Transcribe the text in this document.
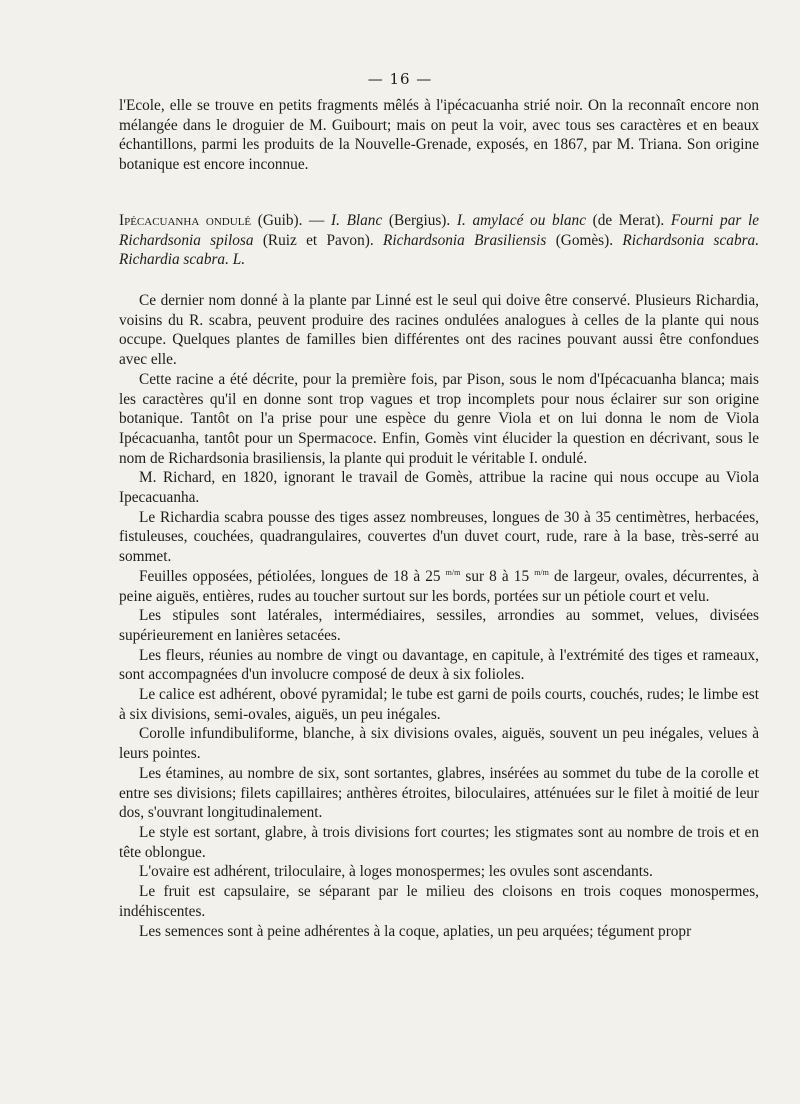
— 16 —

l'Ecole, elle se trouve en petits fragments mêlés à l'ipécacuanha strié noir. On la reconnaît encore non mélangée dans le droguier de M. Guibourt; mais on peut la voir, avec tous ses caractères et en beaux échantillons, parmi les produits de la Nouvelle-Grenade, exposés, en 1867, par M. Triana. Son origine botanique est encore inconnue.

Ipécacuanha ondulé (Guib). — I. Blanc (Bergius). I. amylacé ou blanc (de Merat). Fourni par le Richardsonia spilosa (Ruiz et Pavon). Richardsonia Brasiliensis (Gomès). Richardsonia scabra. Richardia scabra. L.

Ce dernier nom donné à la plante par Linné est le seul qui doive être conservé. Plusieurs Richardia, voisins du R. scabra, peuvent produire des racines ondulées analogues à celles de la plante qui nous occupe. Quelques plantes de familles bien différentes ont des racines pouvant aussi être confondues avec elle.

Cette racine a été décrite, pour la première fois, par Pison, sous le nom d'Ipécacuanha blanca; mais les caractères qu'il en donne sont trop vagues et trop incomplets pour nous éclairer sur son origine botanique. Tantôt on l'a prise pour une espèce du genre Viola et on lui donna le nom de Viola Ipécacuanha, tantôt pour un Spermacoce. Enfin, Gomès vint élucider la question en décrivant, sous le nom de Richardsonia brasiliensis, la plante qui produit le véritable I. ondulé.

M. Richard, en 1820, ignorant le travail de Gomès, attribue la racine qui nous occupe au Viola Ipecacuanha.

Le Richardia scabra pousse des tiges assez nombreuses, longues de 30 à 35 centimètres, herbacées, fistuleuses, couchées, quadrangulaires, couvertes d'un duvet court, rude, rare à la base, très-serré au sommet.

Feuilles opposées, pétiolées, longues de 18 à 25 $^{m/m}$ sur 8 à 15 $^{m/m}$ de largeur, ovales, décurrentes, à peine aiguës, entières, rudes au toucher surtout sur les bords, portées sur un pétiole court et velu.

Les stipules sont latérales, intermédiaires, sessiles, arrondies au sommet, velues, divisées supérieurement en lanières setacées.

Les fleurs, réunies au nombre de vingt ou davantage, en capitule, à l'extrémité des tiges et rameaux, sont accompagnées d'un involucre composé de deux à six folioles.

Le calice est adhérent, obové pyramidal; le tube est garni de poils courts, couchés, rudes; le limbe est à six divisions, semi-ovales, aiguës, un peu inégales.

Corolle infundibuliforme, blanche, à six divisions ovales, aiguës, souvent un peu inégales, velues à leurs pointes.

Les étamines, au nombre de six, sont sortantes, glabres, insérées au sommet du tube de la corolle et entre ses divisions; filets capillaires; anthères étroites, biloculaires, atténuées sur le filet à moitié de leur dos, s'ouvrant longitudinalement.

Le style est sortant, glabre, à trois divisions fort courtes; les stigmates sont au nombre de trois et en tête oblongue.

L'ovaire est adhérent, triloculaire, à loges monospermes; les ovules sont ascendants.

Le fruit est capsulaire, se séparant par le milieu des cloisons en trois coques monospermes, indéhiscentes.

Les semences sont à peine adhérentes à la coque, aplaties, un peu arquées; tégument propr
